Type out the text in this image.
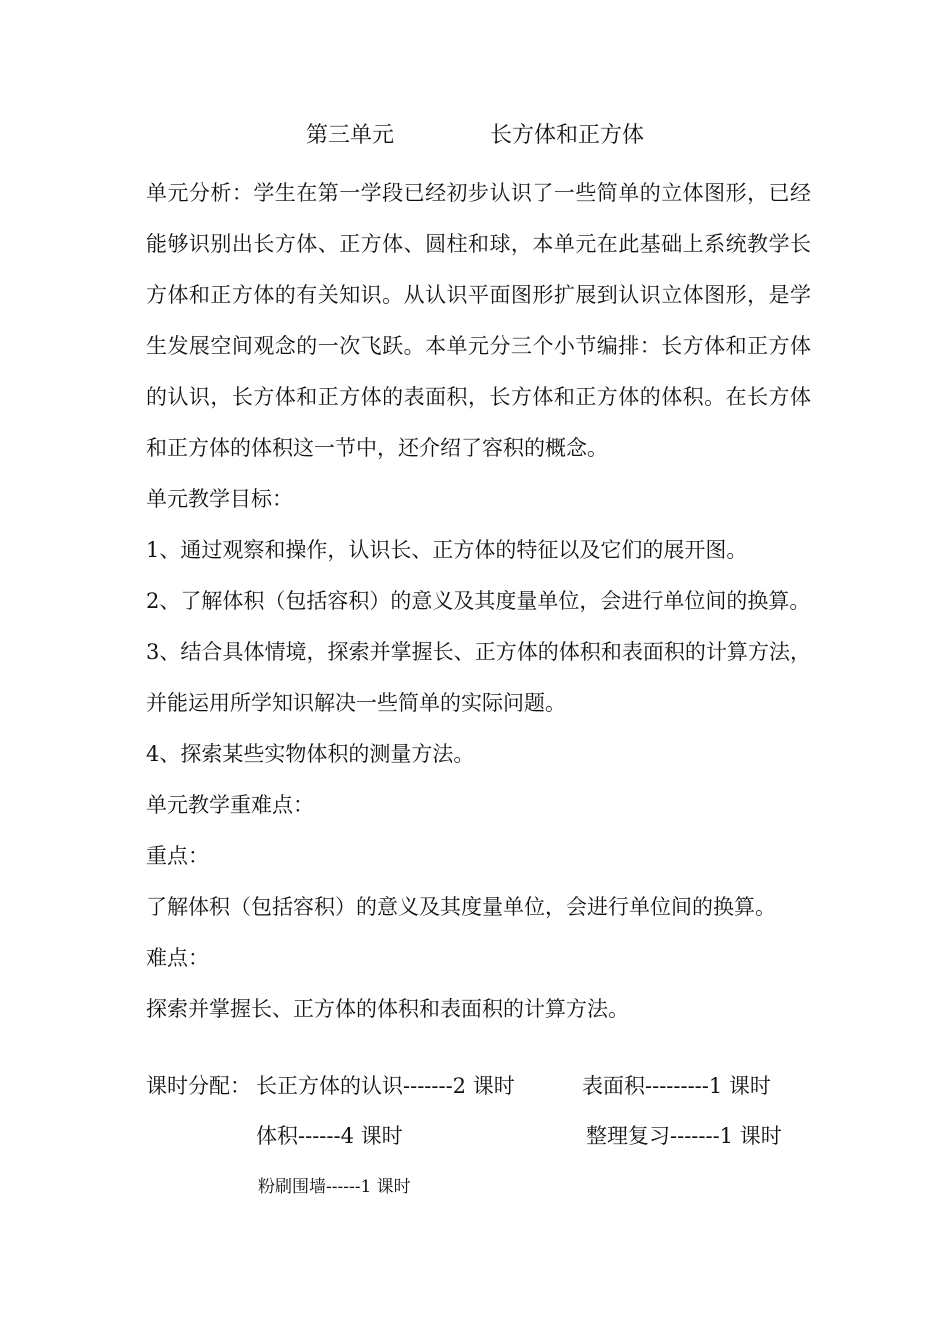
第三单元	长方体和正方体

单元分析：学生在第一学段已经初步认识了一些简单的立体图形，已经能够识别出长方体、正方体、圆柱和球，本单元在此基础上系统教学长方体和正方体的有关知识。从认识平面图形扩展到认识立体图形，是学生发展空间观念的一次飞跃。本单元分三个小节编排：长方体和正方体的认识，长方体和正方体的表面积，长方体和正方体的体积。在长方体和正方体的体积这一节中，还介绍了容积的概念。

单元教学目标：

1、通过观察和操作，认识长、正方体的特征以及它们的展开图。

2、了解体积（包括容积）的意义及其度量单位，会进行单位间的换算。

3、结合具体情境，探索并掌握长、正方体的体积和表面积的计算方法，并能运用所学知识解决一些简单的实际问题。

4、探索某些实物体积的测量方法。

单元教学重难点：

重点：

了解体积（包括容积）的意义及其度量单位，会进行单位间的换算。

难点：

探索并掌握长、正方体的体积和表面积的计算方法。

课时分配： 长正方体的认识-------2 课时	表面积---------1 课时
体积------4 课时	整理复习-------1 课时
粉刷围墙------1 课时
